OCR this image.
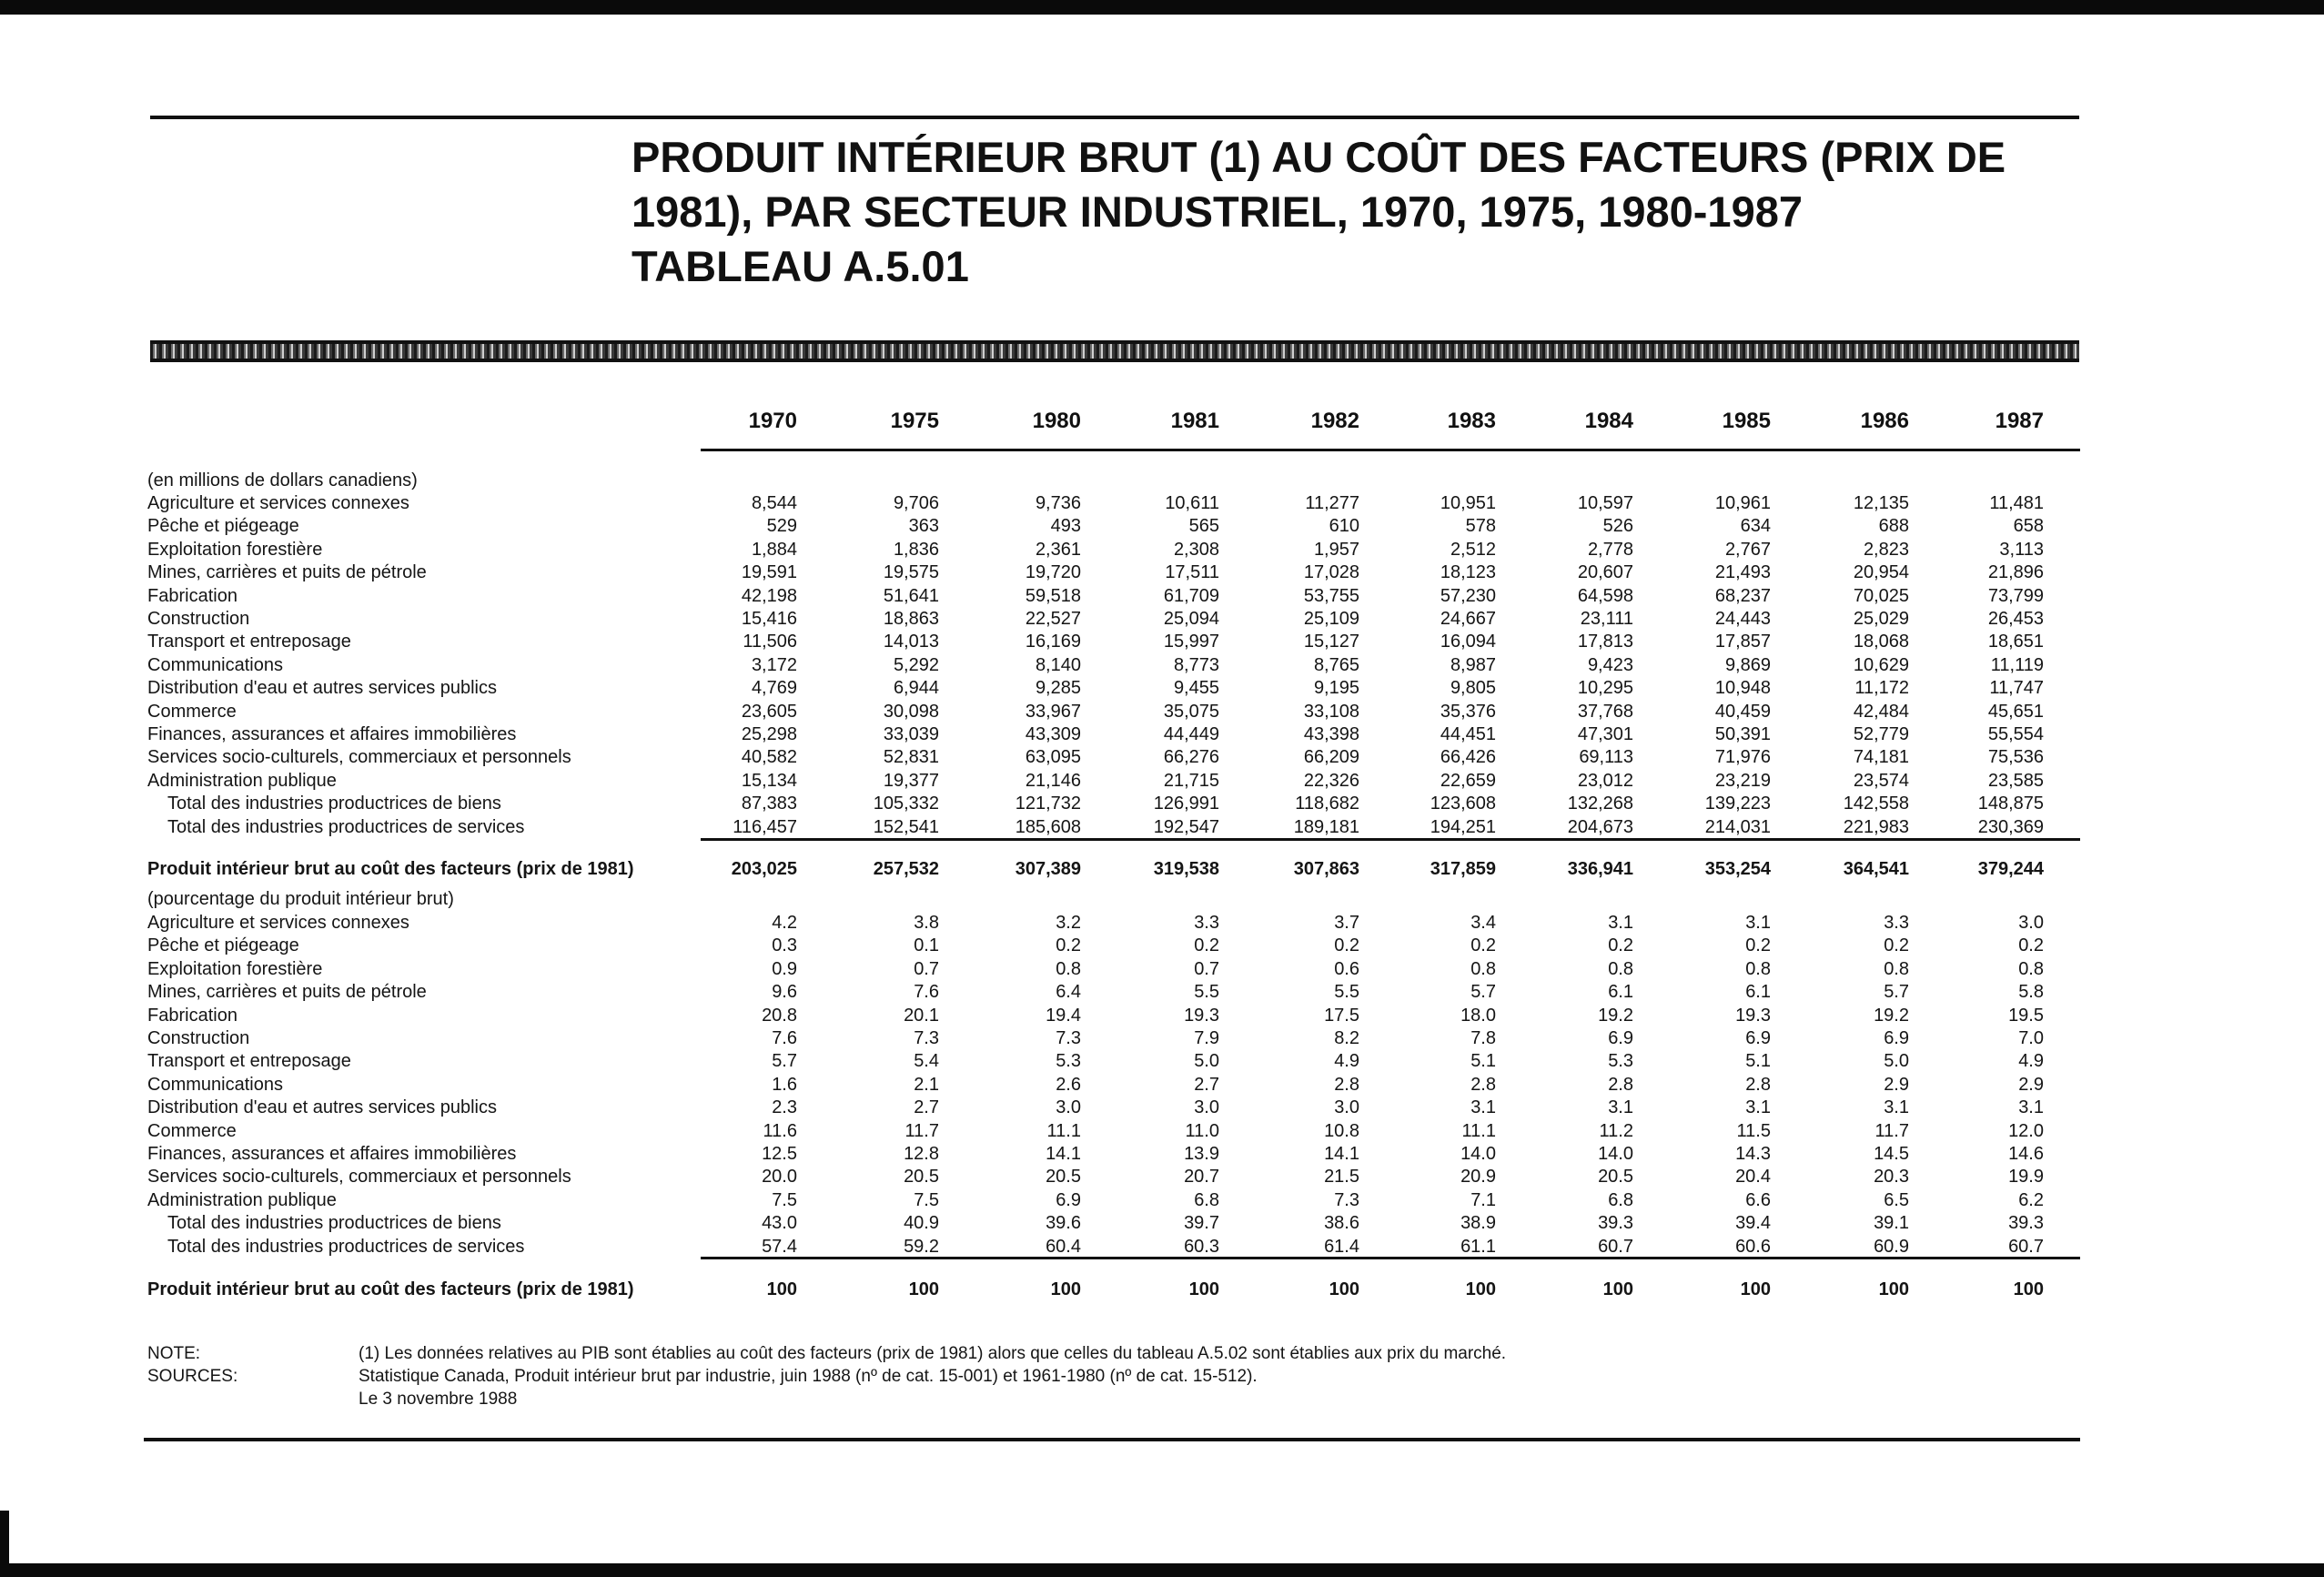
PRODUIT INTÉRIEUR BRUT (1) AU COÛT DES FACTEURS (PRIX DE
1981), PAR SECTEUR INDUSTRIEL, 1970, 1975, 1980-1987
TABLEAU A.5.01
1970	1975	1980	1981	1982	1983	1984	1985	1986	1987
(en millions de dollars canadiens)
Agriculture et services connexes	8,544	9,706	9,736	10,611	11,277	10,951	10,597	10,961	12,135	11,481
Pêche et piégeage	529	363	493	565	610	578	526	634	688	658
Exploitation forestière	1,884	1,836	2,361	2,308	1,957	2,512	2,778	2,767	2,823	3,113
Mines, carrières et puits de pétrole	19,591	19,575	19,720	17,511	17,028	18,123	20,607	21,493	20,954	21,896
Fabrication	42,198	51,641	59,518	61,709	53,755	57,230	64,598	68,237	70,025	73,799
Construction	15,416	18,863	22,527	25,094	25,109	24,667	23,111	24,443	25,029	26,453
Transport et entreposage	11,506	14,013	16,169	15,997	15,127	16,094	17,813	17,857	18,068	18,651
Communications	3,172	5,292	8,140	8,773	8,765	8,987	9,423	9,869	10,629	11,119
Distribution d'eau et autres services publics	4,769	6,944	9,285	9,455	9,195	9,805	10,295	10,948	11,172	11,747
Commerce	23,605	30,098	33,967	35,075	33,108	35,376	37,768	40,459	42,484	45,651
Finances, assurances et affaires immobilières	25,298	33,039	43,309	44,449	43,398	44,451	47,301	50,391	52,779	55,554
Services socio-culturels, commerciaux et personnels	40,582	52,831	63,095	66,276	66,209	66,426	69,113	71,976	74,181	75,536
Administration publique	15,134	19,377	21,146	21,715	22,326	22,659	23,012	23,219	23,574	23,585
Total des industries productrices de biens	87,383	105,332	121,732	126,991	118,682	123,608	132,268	139,223	142,558	148,875
Total des industries productrices de services	116,457	152,541	185,608	192,547	189,181	194,251	204,673	214,031	221,983	230,369
Produit intérieur brut au coût des facteurs (prix de 1981)	203,025	257,532	307,389	319,538	307,863	317,859	336,941	353,254	364,541	379,244
(pourcentage du produit intérieur brut)
Agriculture et services connexes	4.2	3.8	3.2	3.3	3.7	3.4	3.1	3.1	3.3	3.0
Pêche et piégeage	0.3	0.1	0.2	0.2	0.2	0.2	0.2	0.2	0.2	0.2
Exploitation forestière	0.9	0.7	0.8	0.7	0.6	0.8	0.8	0.8	0.8	0.8
Mines, carrières et puits de pétrole	9.6	7.6	6.4	5.5	5.5	5.7	6.1	6.1	5.7	5.8
Fabrication	20.8	20.1	19.4	19.3	17.5	18.0	19.2	19.3	19.2	19.5
Construction	7.6	7.3	7.3	7.9	8.2	7.8	6.9	6.9	6.9	7.0
Transport et entreposage	5.7	5.4	5.3	5.0	4.9	5.1	5.3	5.1	5.0	4.9
Communications	1.6	2.1	2.6	2.7	2.8	2.8	2.8	2.8	2.9	2.9
Distribution d'eau et autres services publics	2.3	2.7	3.0	3.0	3.0	3.1	3.1	3.1	3.1	3.1
Commerce	11.6	11.7	11.1	11.0	10.8	11.1	11.2	11.5	11.7	12.0
Finances, assurances et affaires immobilières	12.5	12.8	14.1	13.9	14.1	14.0	14.0	14.3	14.5	14.6
Services socio-culturels, commerciaux et personnels	20.0	20.5	20.5	20.7	21.5	20.9	20.5	20.4	20.3	19.9
Administration publique	7.5	7.5	6.9	6.8	7.3	7.1	6.8	6.6	6.5	6.2
Total des industries productrices de biens	43.0	40.9	39.6	39.7	38.6	38.9	39.3	39.4	39.1	39.3
Total des industries productrices de services	57.4	59.2	60.4	60.3	61.4	61.1	60.7	60.6	60.9	60.7
Produit intérieur brut au coût des facteurs (prix de 1981)	100	100	100	100	100	100	100	100	100	100
NOTE:	(1) Les données relatives au PIB sont établies au coût des facteurs (prix de 1981) alors que celles du tableau A.5.02 sont établies aux prix du marché.
SOURCES:	Statistique Canada, Produit intérieur brut par industrie, juin 1988 (nº de cat. 15-001) et 1961-1980 (nº de cat. 15-512).
Le 3 novembre 1988
